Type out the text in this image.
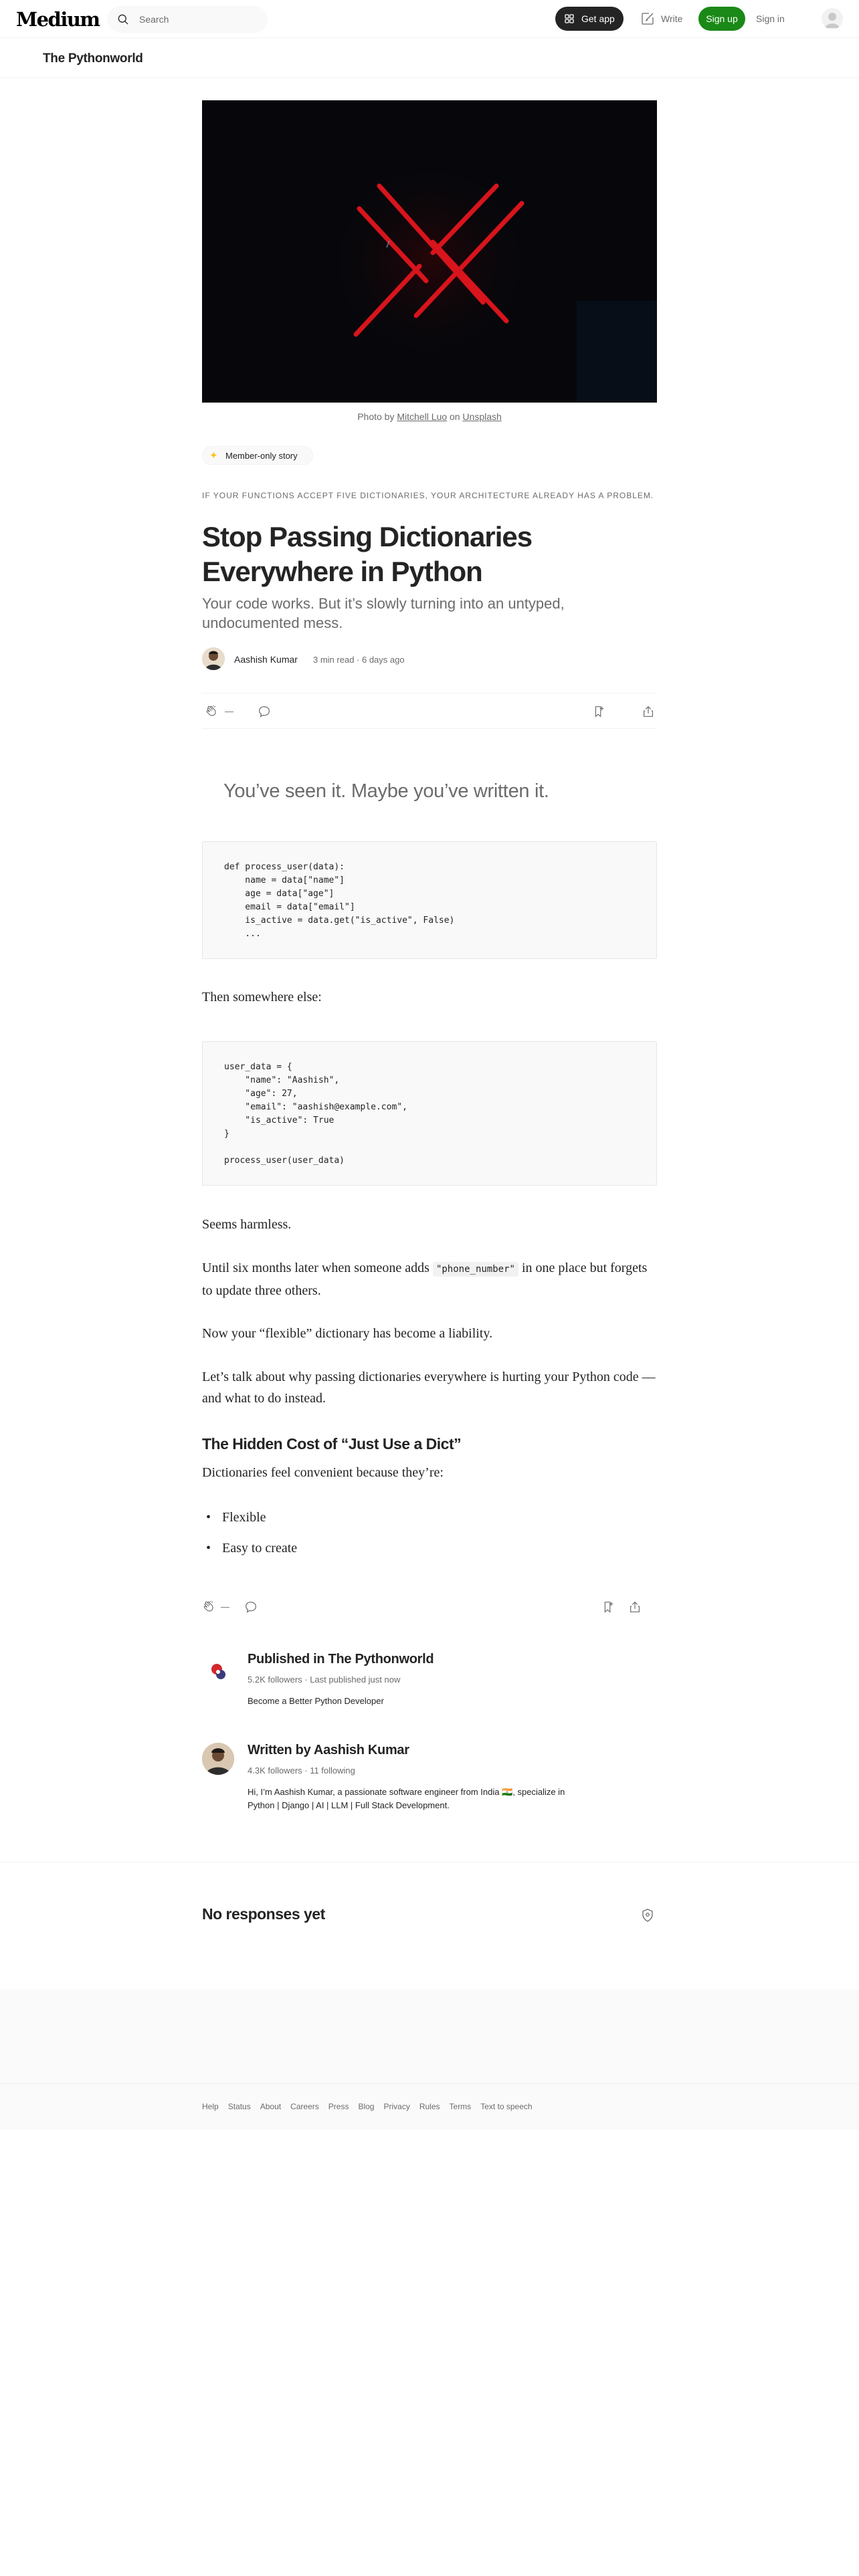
Medium	Search	Get app	Write	Sign up	Sign in
The Pythonworld
Photo by Mitchell Luo on Unsplash
✦ Member-only story
IF YOUR FUNCTIONS ACCEPT FIVE DICTIONARIES, YOUR ARCHITECTURE ALREADY HAS A PROBLEM.
Stop Passing Dictionaries Everywhere in Python
Your code works. But it’s slowly turning into an untyped, undocumented mess.
Aashish Kumar 3 min read · 6 days ago
—
You’ve seen it. Maybe you’ve written it.
def process_user(data):
name = data["name"]
age = data["age"]
email = data["email"]
is_active = data.get("is_active", False)
...
Then somewhere else:
user_data = {
"name": "Aashish",
"age": 27,
"email": "aashish@example.com",
"is_active": True
}

process_user(user_data)
Seems harmless.
Until six months later when someone adds "phone_number" in one place but forgets to update three others.
Now your “flexible” dictionary has become a liability.
Let’s talk about why passing dictionaries everywhere is hurting your Python code — and what to do instead.
The Hidden Cost of “Just Use a Dict”
Dictionaries feel convenient because they’re:
• Flexible
• Easy to create
—
Published in The Pythonworld
5.2K followers · Last published just now
Become a Better Python Developer
Written by Aashish Kumar
4.3K followers · 11 following
Hi, I’m Aashish Kumar, a passionate software engineer from India 🇮🇳, specialize in Python | Django | AI | LLM | Full Stack Development.
No responses yet
Help Status About Careers Press Blog Privacy Rules Terms Text to speech
